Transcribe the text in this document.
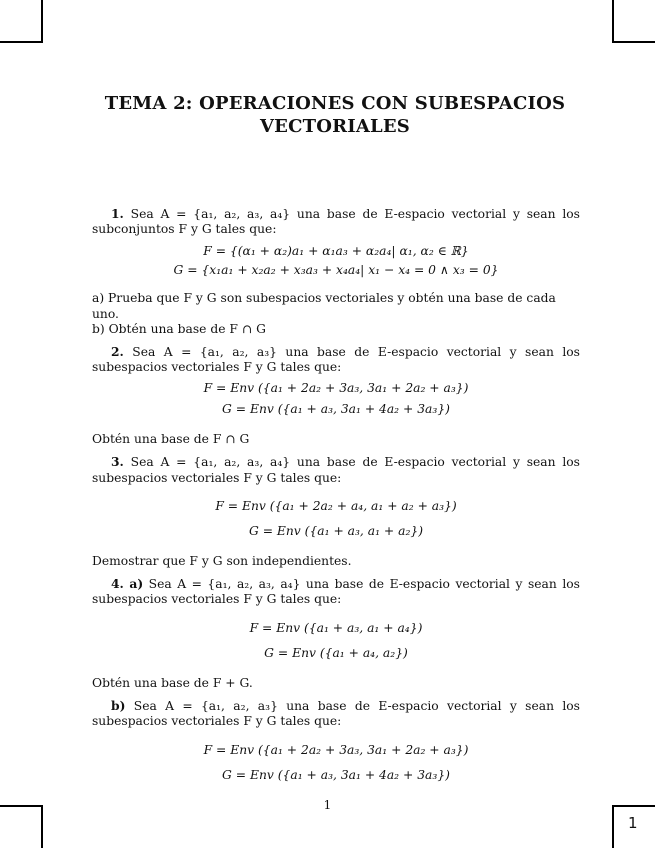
TEMA 2: OPERACIONES CON SUBESPACIOS VECTORIALES

1. Sea A = {a₁, a₂, a₃, a₄} una base de E-espacio vectorial y sean los subconjuntos F y G tales que:

F = {(α₁ + α₂)a₁ + α₁a₃ + α₂a₄| α₁, α₂ ∈ ℝ}

G = {x₁a₁ + x₂a₂ + x₃a₃ + x₄a₄| x₁ − x₄ = 0 ∧ x₃ = 0}

a) Prueba que F y G son subespacios vectoriales y obtén una base de cada uno.

b) Obtén una base de F ∩ G

2. Sea A = {a₁, a₂, a₃} una base de E-espacio vectorial y sean los subespacios vectoriales F y G tales que:

F = Env ({a₁ + 2a₂ + 3a₃, 3a₁ + 2a₂ + a₃})

G = Env ({a₁ + a₃, 3a₁ + 4a₂ + 3a₃})

Obtén una base de F ∩ G

3. Sea A = {a₁, a₂, a₃, a₄} una base de E-espacio vectorial y sean los subespacios vectoriales F y G tales que:

F = Env ({a₁ + 2a₂ + a₄, a₁ + a₂ + a₃})

G = Env ({a₁ + a₃, a₁ + a₂})

Demostrar que F y G son independientes.

4. a) Sea A = {a₁, a₂, a₃, a₄} una base de E-espacio vectorial y sean los subespacios vectoriales F y G tales que:

F = Env ({a₁ + a₃, a₁ + a₄})

G = Env ({a₁ + a₄, a₂})

Obtén una base de F + G.

b) Sea A = {a₁, a₂, a₃} una base de E-espacio vectorial y sean los subespacios vectoriales F y G tales que:

F = Env ({a₁ + 2a₂ + 3a₃, 3a₁ + 2a₂ + a₃})

G = Env ({a₁ + a₃, 3a₁ + 4a₂ + 3a₃})

1
1
